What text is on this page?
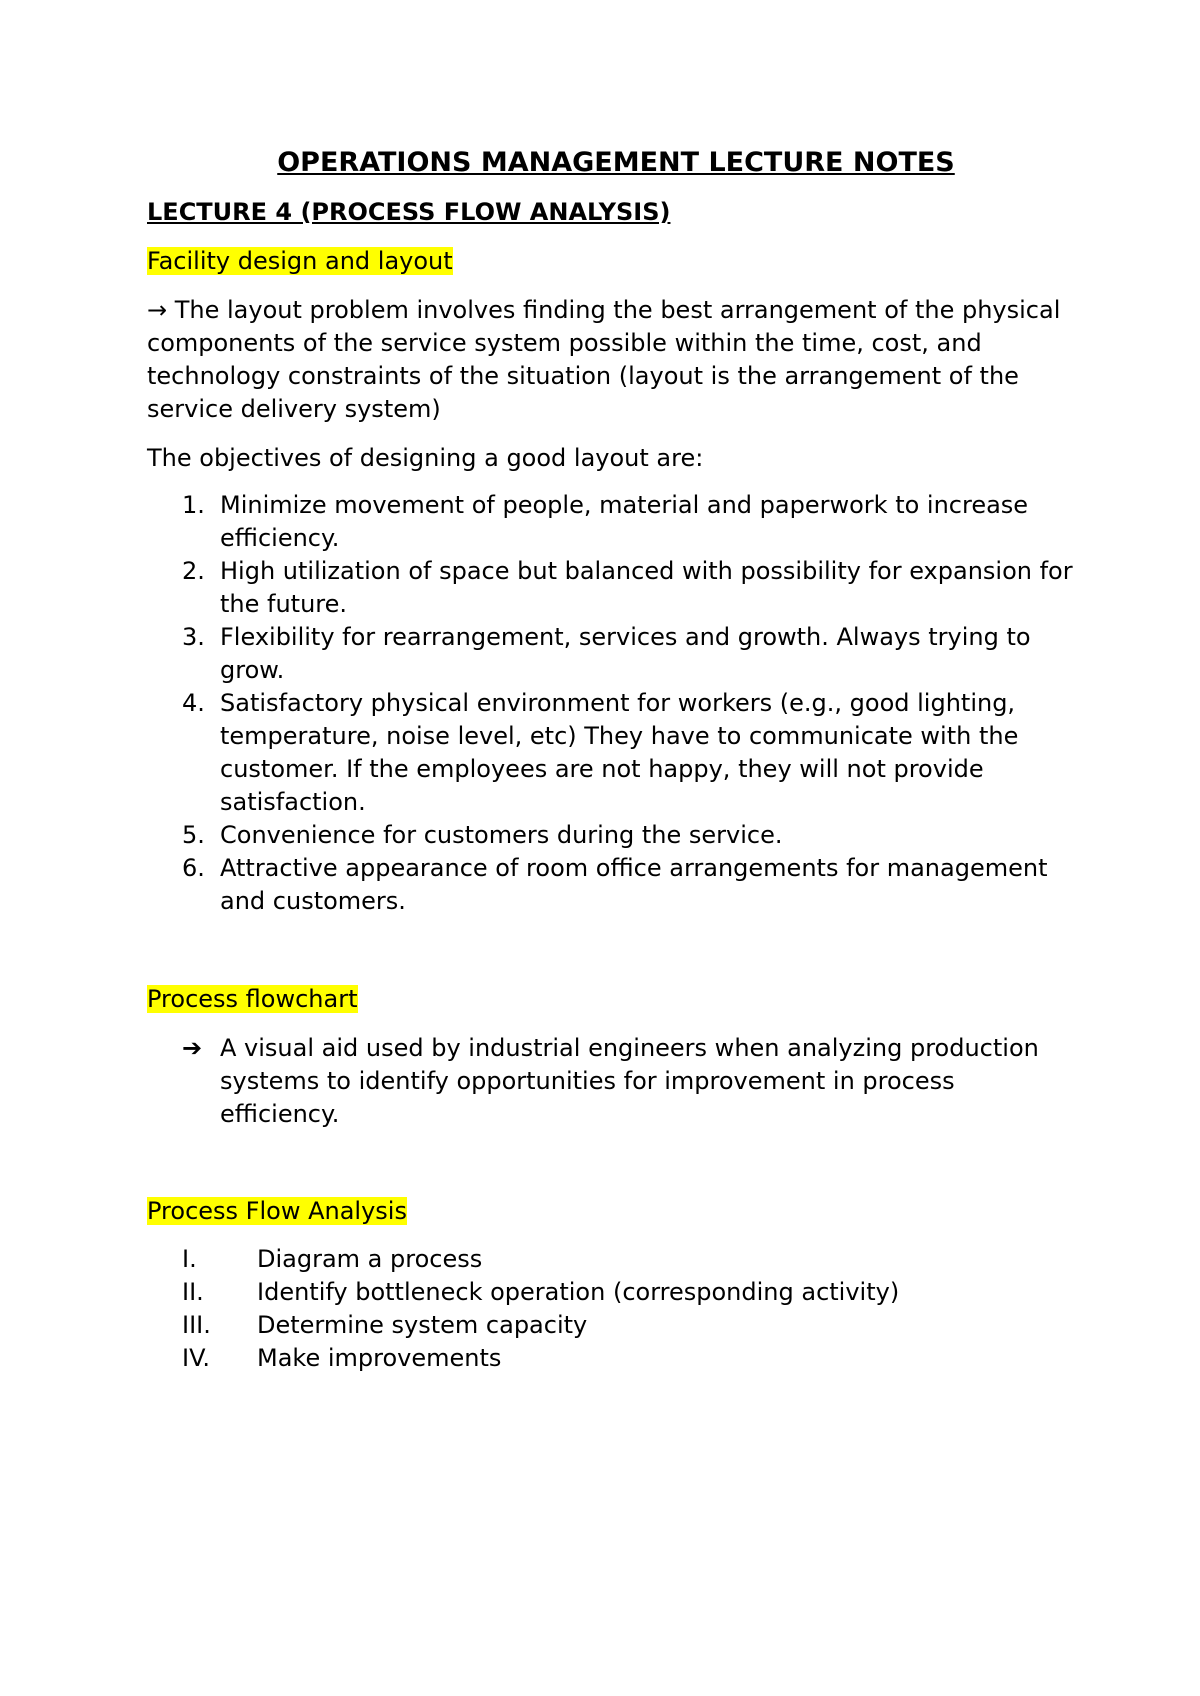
OPERATIONS MANAGEMENT LECTURE NOTES

LECTURE 4 (PROCESS FLOW ANALYSIS)

Facility design and layout

→ The layout problem involves finding the best arrangement of the physical components of the service system possible within the time, cost, and technology constraints of the situation (layout is the arrangement of the service delivery system)

The objectives of designing a good layout are:

1. Minimize movement of people, material and paperwork to increase efficiency.
2. High utilization of space but balanced with possibility for expansion for the future.
3. Flexibility for rearrangement, services and growth. Always trying to grow.
4. Satisfactory physical environment for workers (e.g., good lighting, temperature, noise level, etc) They have to communicate with the customer. If the employees are not happy, they will not provide satisfaction.
5. Convenience for customers during the service.
6. Attractive appearance of room office arrangements for management and customers.

Process flowchart

➔ A visual aid used by industrial engineers when analyzing production systems to identify opportunities for improvement in process efficiency.

Process Flow Analysis

I.	Diagram a process
II. Identify bottleneck operation (corresponding activity)
III. Determine system capacity
IV. Make improvements
